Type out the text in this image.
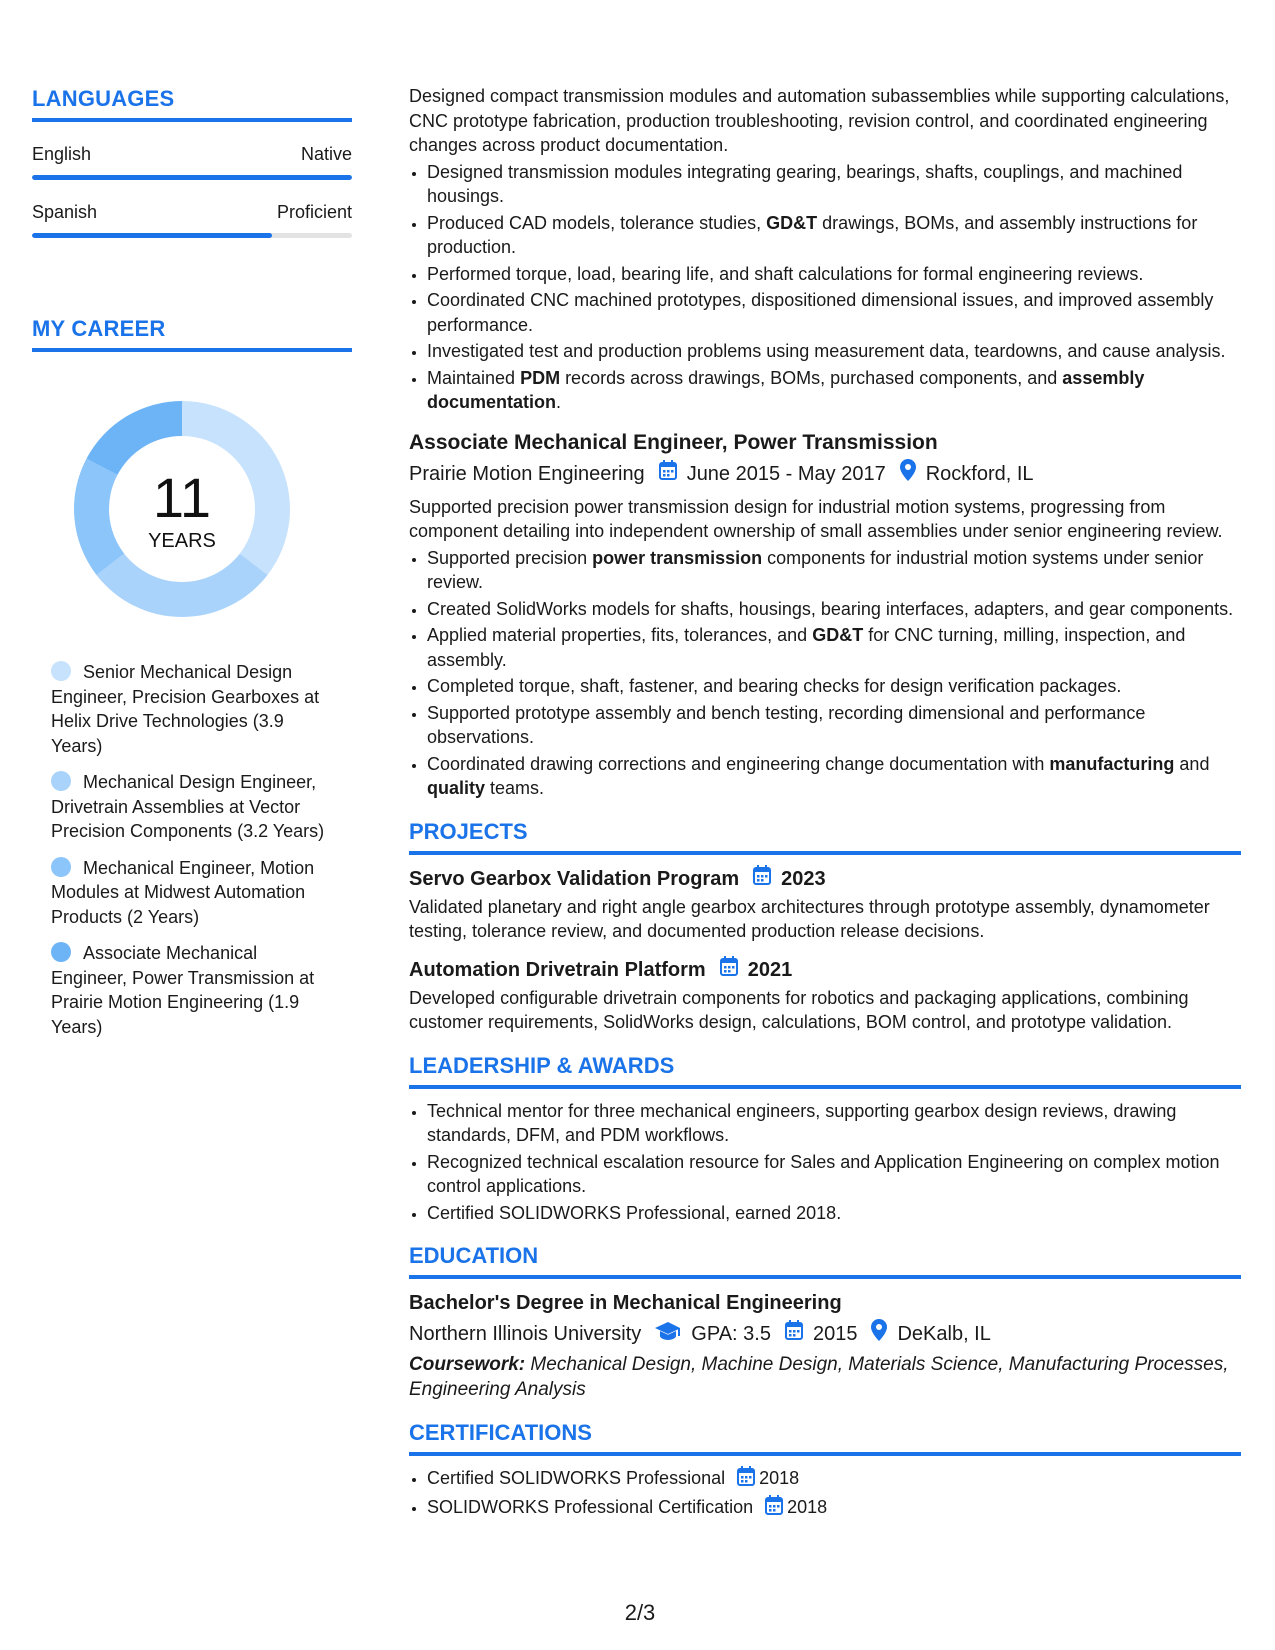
LANGUAGES
English	Native
Spanish	Proficient
MY CAREER
11
YEARS
Senior Mechanical Design Engineer, Precision Gearboxes at Helix Drive Technologies (3.9 Years)
Mechanical Design Engineer, Drivetrain Assemblies at Vector Precision Components (3.2 Years)
Mechanical Engineer, Motion Modules at Midwest Automation Products (2 Years)
Associate Mechanical Engineer, Power Transmission at Prairie Motion Engineering (1.9 Years)

Designed compact transmission modules and automation subassemblies while supporting calculations, CNC prototype fabrication, production troubleshooting, revision control, and coordinated engineering changes across product documentation.

• Designed transmission modules integrating gearing, bearings, shafts, couplings, and machined housings.
• Produced CAD models, tolerance studies, GD&T drawings, BOMs, and assembly instructions for production.
• Performed torque, load, bearing life, and shaft calculations for formal engineering reviews.
• Coordinated CNC machined prototypes, dispositioned dimensional issues, and improved assembly performance.
• Investigated test and production problems using measurement data, teardowns, and cause analysis.
• Maintained PDM records across drawings, BOMs, purchased components, and assembly documentation.
Associate Mechanical Engineer, Power Transmission
Prairie Motion Engineering June 2015 - May 2017 Rockford, IL

Supported precision power transmission design for industrial motion systems, progressing from component detailing into independent ownership of small assemblies under senior engineering review.

• Supported precision power transmission components for industrial motion systems under senior review.
• Created SolidWorks models for shafts, housings, bearing interfaces, adapters, and gear components.
• Applied material properties, fits, tolerances, and GD&T for CNC turning, milling, inspection, and assembly.
• Completed torque, shaft, fastener, and bearing checks for design verification packages.
• Supported prototype assembly and bench testing, recording dimensional and performance observations.
• Coordinated drawing corrections and engineering change documentation with manufacturing and quality teams.
PROJECTS
Servo Gearbox Validation Program 2023

Validated planetary and right angle gearbox architectures through prototype assembly, dynamometer testing, tolerance review, and documented production release decisions.

Automation Drivetrain Platform 2021

Developed configurable drivetrain components for robotics and packaging applications, combining customer requirements, SolidWorks design, calculations, BOM control, and prototype validation.

LEADERSHIP & AWARDS
• Technical mentor for three mechanical engineers, supporting gearbox design reviews, drawing standards, DFM, and PDM workflows.
• Recognized technical escalation resource for Sales and Application Engineering on complex motion control applications.
• Certified SOLIDWORKS Professional, earned 2018.
EDUCATION
Bachelor's Degree in Mechanical Engineering
Northern Illinois University	GPA: 3.5 2015 DeKalb, IL

Coursework: Mechanical Design, Machine Design, Materials Science, Manufacturing Processes, Engineering Analysis

CERTIFICATIONS
• Certified SOLIDWORKS Professional 2018
• SOLIDWORKS Professional Certification 2018
2/3
